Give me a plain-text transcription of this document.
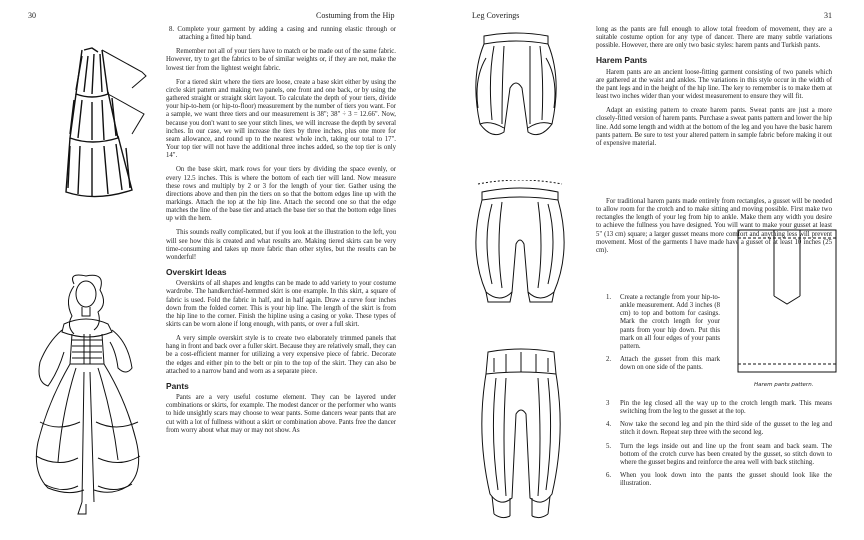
30	Costuming from the Hip

8. Complete your garment by adding a casing and running elastic through or attaching a fitted hip band.

Remember not all of your tiers have to match or be made out of the same fabric. However, try to get the fabrics to be of similar weights or, if they are not, make the lowest tier from the lightest weight fabric.

For a tiered skirt where the tiers are loose, create a base skirt either by using the circle skirt pattern and making two panels, one front and one back, or by using the gathered straight or straight skirt layout. To calculate the depth of your tiers, divide your hip-to-hem (or hip-to-floor) measurement by the number of tiers you want. For a sample, we want three tiers and our measurement is 38"; 38" ÷ 3 = 12.66". Now, because you don't want to see your stitch lines, we will increase the depth by several inches. In our case, we will increase the tiers by three inches, plus one more for seam allowance, and round up to the nearest whole inch, taking our total to 17". Your top tier will not have the additional three inches added, so the top tier is only 14".

On the base skirt, mark rows for your tiers by dividing the space evenly, or every 12.5 inches. This is where the bottom of each tier will land. Now measure these rows and multiply by 2 or 3 for the length of your tier. Gather using the directions above and then pin the tiers on so that the bottom edges line up with the markings. Attach the top at the hip line. Attach the second one so that the edge matches the line of the base tier and attach the base tier so that the bottom edge lines up with the hem.

This sounds really complicated, but if you look at the illustration to the left, you will see how this is created and what results are. Making tiered skirts can be very time-consuming and takes up more fabric than other styles, but the results can be wonderful!

Overskirt Ideas

Overskirts of all shapes and lengths can be made to add variety to your costume wardrobe. The handkerchief-hemmed skirt is one example. In this skirt, a square of fabric is used. Fold the fabric in half, and in half again. Draw a curve four inches down from the folded corner. This is your hip line. The length of the skirt is from the hip line to the corner. Finish the hipline using a casing or yoke. These types of skirts can be worn alone if long enough, with pants, or over a full skirt.

A very simple overskirt style is to create two elaborately trimmed panels that hang in front and back over a fuller skirt. Because they are relatively small, they can be a cost-efficient manner for utilizing a very expensive piece of fabric. Decorate the edges and either pin to the belt or pin to the top of the skirt. They can also be attached to a narrow band and worn as a separate piece.

Pants

Pants are a very useful costume element. They can be layered under combinations or skirts, for example. The modest dancer or the performer who wants to hide unsightly scars may choose to wear pants. Some dancers wear pants that are cut with a lot of fullness without a skirt or combination above. Pants free the dancer from worry about what may or may not show. As

Leg Coverings	31
Harem pants pattern.

long as the pants are full enough to allow total freedom of movement, they are a suitable costume option for any type of dancer. There are many subtle variations possible. However, there are only two basic styles: harem pants and Turkish pants.

Harem Pants

Harem pants are an ancient loose-fitting garment consisting of two panels which are gathered at the waist and ankles. The variations in this style occur in the width of the pant legs and in the height of the hip line. The key to remember is to make them at least two inches wider than your widest measurement to ensure they will fit.

Adapt an existing pattern to create harem pants. Sweat pants are just a more closely-fitted version of harem pants. Purchase a sweat pants pattern and lower the hip line. Add some length and width at the bottom of the leg and you have the basic harem pants pattern. Be sure to test your altered pattern in sample fabric before making it out of expensive material.

For traditional harem pants made entirely from rectangles, a gusset will be needed to allow room for the crotch and to make sitting and moving possible. First make two rectangles the length of your leg from hip to ankle. Make them any width you desire to achieve the fullness you have designed. You will want to make your gusset at least 5" (13 cm) square; a larger gusset means more comfort and anything less will prevent movement. Most of the garments I have made have a gusset of at least 10 inches (25 cm).

1. Create a rectangle from your hip-to-ankle measurement. Add 3 inches (8 cm) to top and bottom for casings. Mark the crotch length for your pants from your hip down. Put this mark on all four edges of your pants pattern.
2. Attach the gusset from this mark down on one side of the pants.
3 Pin the leg closed all the way up to the crotch length mark. This means switching from the leg to the gusset at the top.
4. Now take the second leg and pin the third side of the gusset to the leg and stitch it down. Repeat step three with the second leg.
5. Turn the legs inside out and line up the front seam and back seam. The bottom of the crotch curve has been created by the gusset, so stitch down to where the gusset begins and reinforce the area well with back stitching.
6. When you look down into the pants the gusset should look like the illustration.
